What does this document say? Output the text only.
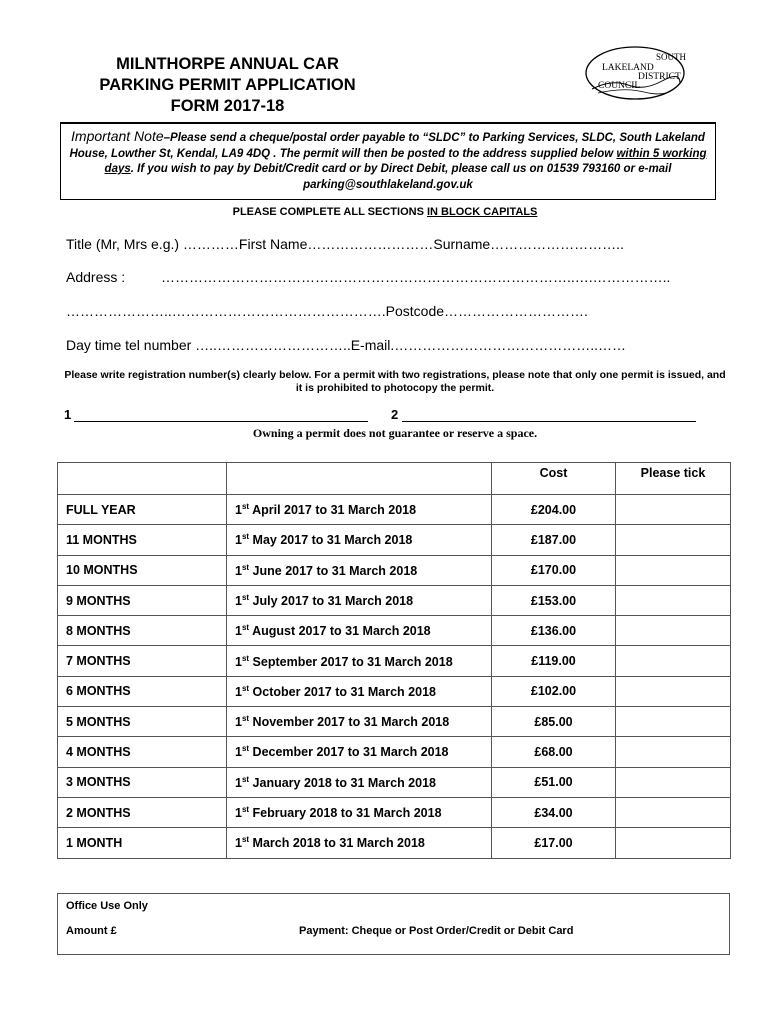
MILNTHORPE ANNUAL CAR
PARKING PERMIT APPLICATION
FORM 2017-18
SOUTH
LAKELAND
DISTRICT
COUNCIL
Important Note–Please send a cheque/postal order payable to “SLDC” to Parking Services, SLDC, South Lakeland House, Lowther St, Kendal, LA9 4DQ . The permit will then be posted to the address supplied below within 5 working days. If you wish to pay by Debit/Credit card or by Direct Debit, please call us on 01539 793160 or e-mail parking@southlakeland.gov.uk
PLEASE COMPLETE ALL SECTIONS IN BLOCK CAPITALS
Title (Mr, Mrs e.g.) …………First Name………………………Surname………………………..
Address :	……………………………………………………………………………..….……………..
…………………..……………………………………….Postcode………………………….
Day time tel number …..………………………..E-mail.……………………………………..……
Please write registration number(s) clearly below. For a permit with two registrations, please note that only one permit is issued, and it is prohibited to photocopy the permit.
1	2
Owning a permit does not guarantee or reserve a space.
		Cost	Please tick
FULL YEAR	1st April 2017 to 31 March 2018	£204.00	
11 MONTHS	1st May 2017 to 31 March 2018	£187.00	
10 MONTHS	1st June 2017 to 31 March 2018	£170.00	
9 MONTHS	1st July 2017 to 31 March 2018	£153.00	
8 MONTHS	1st August 2017 to 31 March 2018	£136.00	
7 MONTHS	1st September 2017 to 31 March 2018	£119.00	
6 MONTHS	1st October 2017 to 31 March 2018	£102.00	
5 MONTHS	1st November 2017 to 31 March 2018	£85.00	
4 MONTHS	1st December 2017 to 31 March 2018	£68.00	
3 MONTHS	1st January 2018 to 31 March 2018	£51.00	
2 MONTHS	1st February 2018 to 31 March 2018	£34.00	
1 MONTH	1st March 2018 to 31 March 2018	£17.00	
Office Use Only
Amount £	Payment: Cheque or Post Order/Credit or Debit Card
